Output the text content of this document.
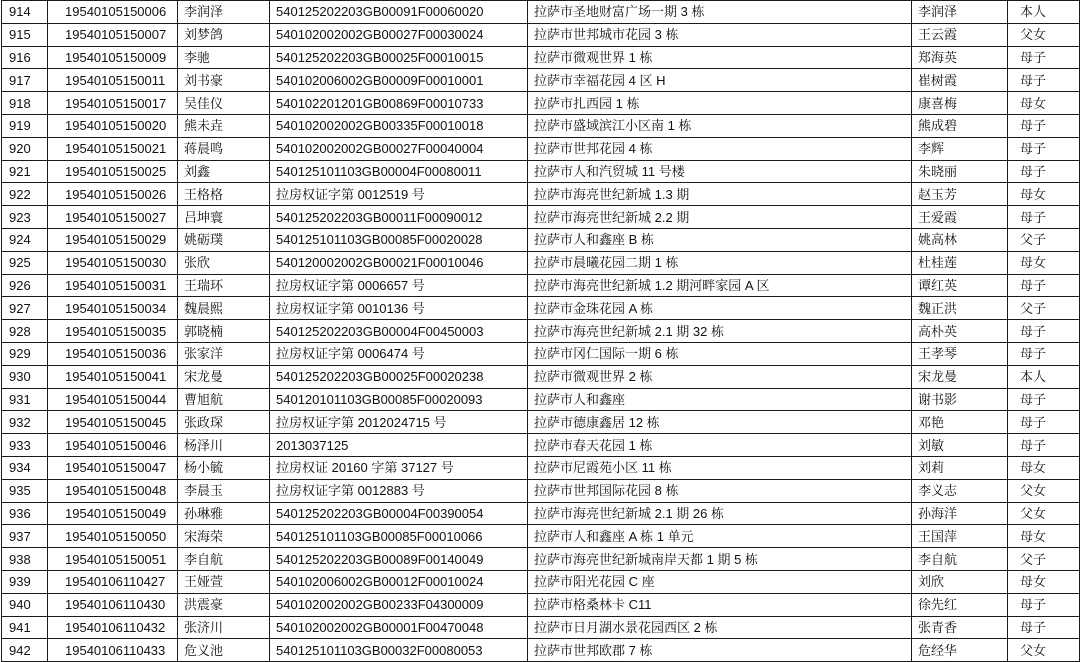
914	19540105150006	李润泽	540125202203GB00091F00060020	拉萨市圣地财富广场一期 3 栋	李润泽	本人
915	19540105150007	刘梦鸽	540102002002GB00027F00030024	拉萨市世邦城市花园 3 栋	王云霞	父女
916	19540105150009	李驰	540125202203GB00025F00010015	拉萨市微观世界 1 栋	郑海英	母子
917	19540105150011	刘书豪	540102006002GB00009F00010001	拉萨市幸福花园 4 区 H	崔树霞	母子
918	19540105150017	吴佳仪	540102201201GB00869F00010733	拉萨市扎西园 1 栋	康喜梅	母女
919	19540105150020	熊未垚	540102002002GB00335F00010018	拉萨市盛域滨江小区南 1 栋	熊成碧	母子
920	19540105150021	蒋晨鸣	540102002002GB00027F00040004	拉萨市世邦花园 4 栋	李辉	母子
921	19540105150025	刘鑫	540125101103GB00004F00080011	拉萨市人和汽贸城 11 号楼	朱晓丽	母子
922	19540105150026	王格格	拉房权证字第 0012519 号	拉萨市海亮世纪新城 1.3 期	赵玉芳	母女
923	19540105150027	吕坤寰	540125202203GB00011F00090012	拉萨市海亮世纪新城 2.2 期	王爱霞	母子
924	19540105150029	姚砺璞	540125101103GB00085F00020028	拉萨市人和鑫座 B 栋	姚高林	父子
925	19540105150030	张欣	540120002002GB00021F00010046	拉萨市晨曦花园二期 1 栋	杜桂莲	母女
926	19540105150031	王瑞环	拉房权证字第 0006657 号	拉萨市海亮世纪新城 1.2 期河畔家园 A 区	谭红英	母子
927	19540105150034	魏晨熙	拉房权证字第 0010136 号	拉萨市金珠花园 A 栋	魏正洪	父子
928	19540105150035	郭晓楠	540125202203GB00004F00450003	拉萨市海亮世纪新城 2.1 期 32 栋	高朴英	母子
929	19540105150036	张家洋	拉房权证字第 0006474 号	拉萨市冈仁国际一期 6 栋	王孝琴	母子
930	19540105150041	宋龙曼	540125202203GB00025F00020238	拉萨市微观世界 2 栋	宋龙曼	本人
931	19540105150044	曹旭航	540120101103GB00085F00020093	拉萨市人和鑫座	谢书影	母子
932	19540105150045	张政琛	拉房权证字第 2012024715 号	拉萨市德康鑫居 12 栋	邓艳	母子
933	19540105150046	杨泽川	2013037125	拉萨市春天花园 1 栋	刘敏	母子
934	19540105150047	杨小毓	拉房权证 20160 字第 37127 号	拉萨市尼霞苑小区 11 栋	刘莉	母女
935	19540105150048	李晨玉	拉房权证字第 0012883 号	拉萨市世邦国际花园 8 栋	李义志	父女
936	19540105150049	孙琳雅	540125202203GB00004F00390054	拉萨市海亮世纪新城 2.1 期 26 栋	孙海洋	父女
937	19540105150050	宋海荣	540125101103GB00085F00010066	拉萨市人和鑫座 A 栋 1 单元	王国萍	母女
938	19540105150051	李自航	540125202203GB00089F00140049	拉萨市海亮世纪新城南岸天都 1 期 5 栋	李自航	父子
939	19540106110427	王娅萱	540102006002GB00012F00010024	拉萨市阳光花园 C 座	刘欣	母女
940	19540106110430	洪震豪	540102002002GB00233F04300009	拉萨市格桑林卡 C11	徐先红	母子
941	19540106110432	张济川	540102002002GB00001F00470048	拉萨市日月湖水景花园西区 2 栋	张青香	母子
942	19540106110433	危义池	540125101103GB00032F00080053	拉萨市世邦欧郡 7 栋	危经华	父女
